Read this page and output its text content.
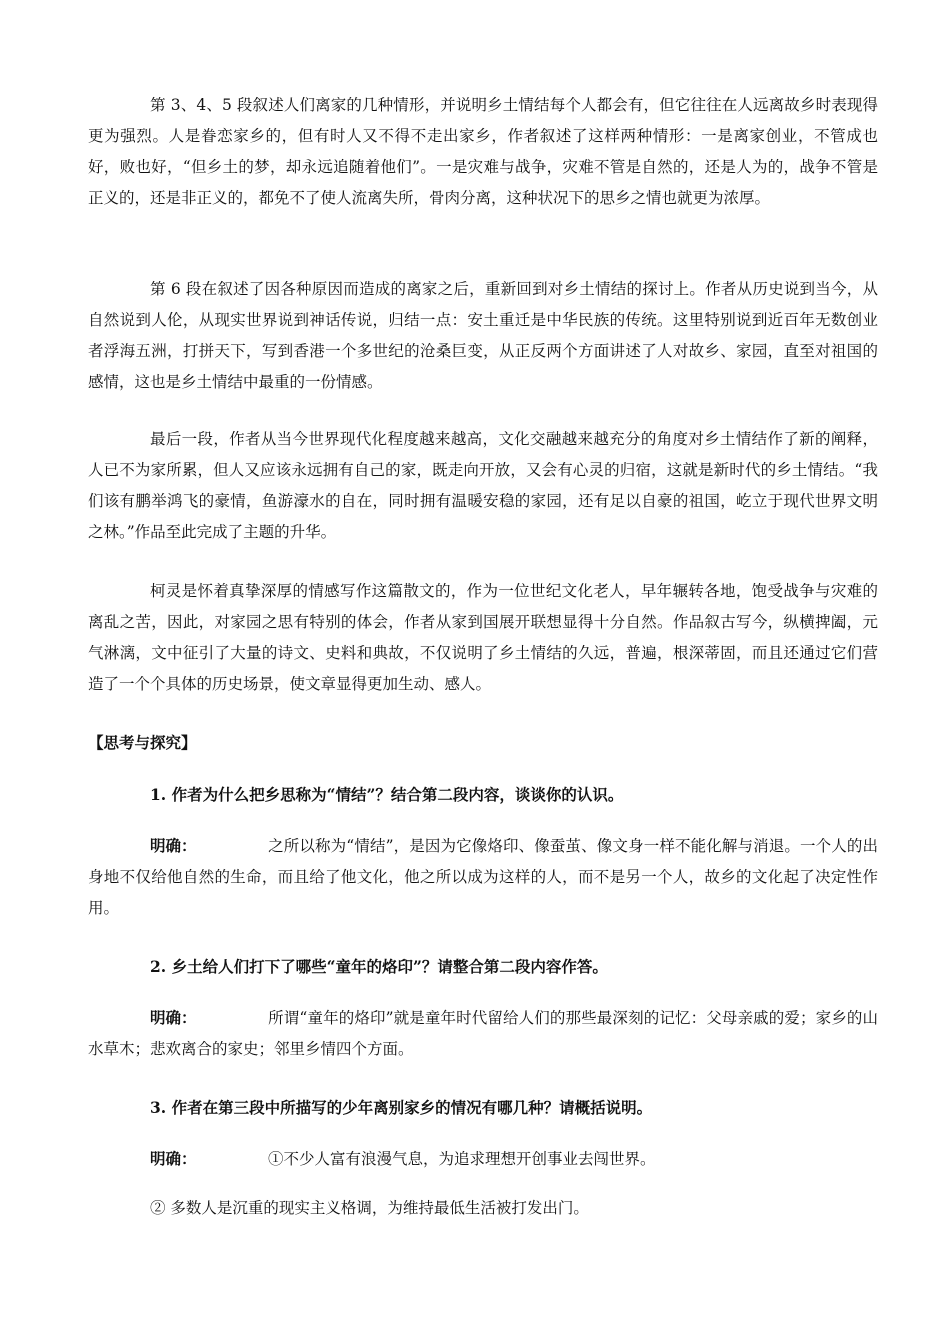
第 3、4、5 段叙述人们离家的几种情形，并说明乡土情结每个人都会有，但它往往在人远离故乡时表现得更为强烈。人是眷恋家乡的，但有时人又不得不走出家乡，作者叙述了这样两种情形：一是离家创业，不管成也好，败也好，“但乡土的梦，却永远追随着他们”。一是灾难与战争，灾难不管是自然的，还是人为的，战争不管是正义的，还是非正义的，都免不了使人流离失所，骨肉分离，这种状况下的思乡之情也就更为浓厚。

第 6 段在叙述了因各种原因而造成的离家之后，重新回到对乡土情结的探讨上。作者从历史说到当今，从自然说到人伦，从现实世界说到神话传说，归结一点：安土重迁是中华民族的传统。这里特别说到近百年无数创业者浮海五洲，打拼天下，写到香港一个多世纪的沧桑巨变，从正反两个方面讲述了人对故乡、家园，直至对祖国的感情，这也是乡土情结中最重的一份情感。

最后一段，作者从当今世界现代化程度越来越高，文化交融越来越充分的角度对乡土情结作了新的阐释，人已不为家所累，但人又应该永远拥有自己的家，既走向开放，又会有心灵的归宿，这就是新时代的乡土情结。“我们该有鹏举鸿飞的豪情，鱼游濠水的自在，同时拥有温暖安稳的家园，还有足以自豪的祖国，屹立于现代世界文明之林。”作品至此完成了主题的升华。

柯灵是怀着真挚深厚的情感写作这篇散文的，作为一位世纪文化老人，早年辗转各地，饱受战争与灾难的离乱之苦，因此，对家园之思有特别的体会，作者从家到国展开联想显得十分自然。作品叙古写今，纵横捭阖，元气淋漓，文中征引了大量的诗文、史料和典故，不仅说明了乡土情结的久远，普遍，根深蒂固，而且还通过它们营造了一个个具体的历史场景，使文章显得更加生动、感人。

【思考与探究】

1. 作者为什么把乡思称为“情结”？结合第二段内容，谈谈你的认识。

明确：	之所以称为“情结”，是因为它像烙印、像蚕茧、像文身一样不能化解与消退。一个人的出身地不仅给他自然的生命，而且给了他文化，他之所以成为这样的人，而不是另一个人，故乡的文化起了决定性作用。

2. 乡土给人们打下了哪些“童年的烙印”？请整合第二段内容作答。

明确：	所谓“童年的烙印”就是童年时代留给人们的那些最深刻的记忆：父母亲戚的爱；家乡的山水草木；悲欢离合的家史；邻里乡情四个方面。

3. 作者在第三段中所描写的少年离别家乡的情况有哪几种？请概括说明。

明确：	①不少人富有浪漫气息，为追求理想开创事业去闯世界。

② 多数人是沉重的现实主义格调，为维持最低生活被打发出门。
